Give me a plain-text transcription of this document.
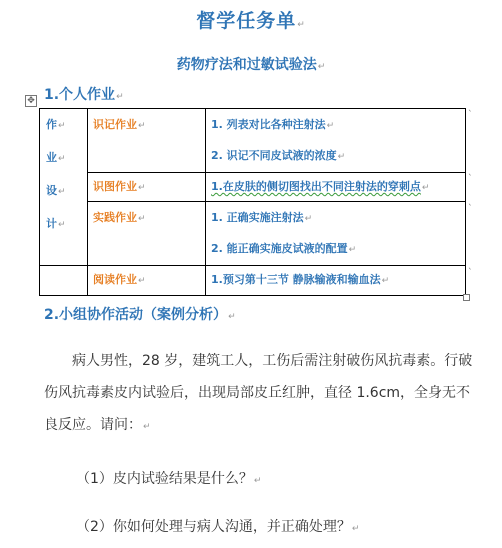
督学任务单↵
药物疗法和过敏试验法↵
1.个人作业↵
✥
作↵
业↵
设↵
计↵	识记作业↵	1. 列表对比各种注射法↵
2. 识记不同皮试液的浓度↵

	识图作业↵	1.在皮肤的侧切图找出不同注射法的穿刺点↵

	实践作业↵	1. 正确实施注射法↵
2. 能正确实施皮试液的配置↵

	阅读作业↵	1.预习第十三节 静脉输液和输血法↵
ˋ
ˋ
ˋ
ˋ
2.小组协作活动（案例分析）↵
病人男性，28 岁，建筑工人，工伤后需注射破伤风抗毒素。行破伤风抗毒素皮内试验后，出现局部皮丘红肿，直径 1.6cm，全身无不良反应。请问：↵
（1）皮内试验结果是什么？↵
（2）你如何处理与病人沟通，并正确处理？↵
